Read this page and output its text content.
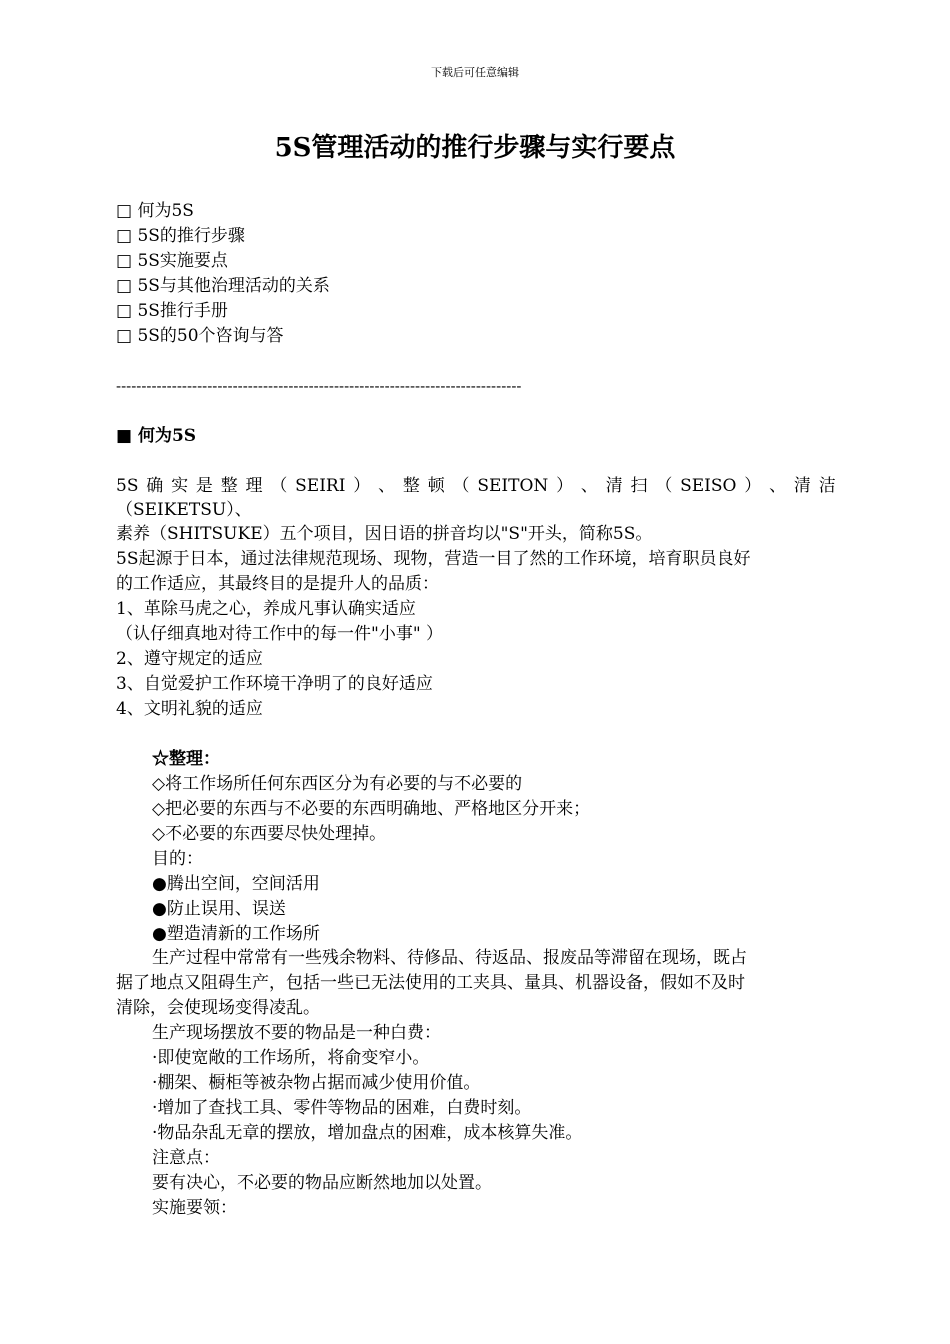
下载后可任意编辑
5S管理活动的推行步骤与实行要点
□ 何为5S
□ 5S的推行步骤
□ 5S实施要点
□ 5S与其他治理活动的关系
□ 5S推行手册
□ 5S的50个咨询与答
--------------------------------------------------------------------------------
■ 何为5S
5S 确 实 是 整 理 （ SEIRI ） 、 整 顿 （ SEITON ） 、 清 扫 （ SEISO ） 、 清 洁
（SEIKETSU）、
素养（SHITSUKE）五个项目，因日语的拼音均以"S"开头，简称5S。
5S起源于日本，通过法律规范现场、现物，营造一目了然的工作环境，培育职员良好
的工作适应，其最终目的是提升人的品质：
1、革除马虎之心，养成凡事认确实适应
（认仔细真地对待工作中的每一件"小事" ）
2、遵守规定的适应
3、自觉爱护工作环境干净明了的良好适应
4、文明礼貌的适应
☆整理：
◇将工作场所任何东西区分为有必要的与不必要的
◇把必要的东西与不必要的东西明确地、严格地区分开来；
◇不必要的东西要尽快处理掉。
目的：
●腾出空间，空间活用
●防止误用、误送
●塑造清新的工作场所
生产过程中常常有一些残余物料、待修品、待返品、报废品等滞留在现场，既占
据了地点又阻碍生产，包括一些已无法使用的工夹具、量具、机器设备，假如不及时
清除，会使现场变得凌乱。
生产现场摆放不要的物品是一种白费：
·即使宽敞的工作场所，将俞变窄小。
·棚架、橱柜等被杂物占据而减少使用价值。
·增加了查找工具、零件等物品的困难，白费时刻。
·物品杂乱无章的摆放，增加盘点的困难，成本核算失准。
注意点：
要有决心，不必要的物品应断然地加以处置。
实施要领：
